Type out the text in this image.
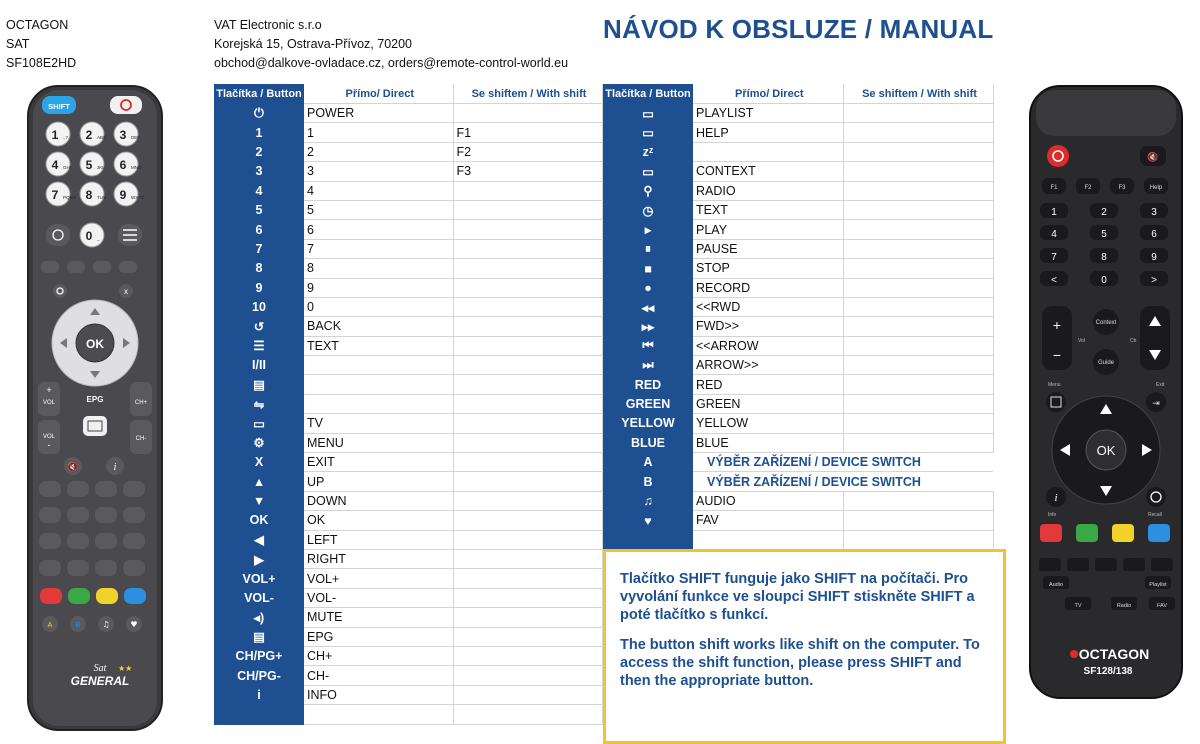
OCTAGON
SAT
SF108E2HD
VAT Electronic s.r.o
Korejská 15, Ostrava-Přívoz, 70200
obchod@dalkove-ovladace.cz, orders@remote-control-world.eu
NÁVOD K OBSLUZE / MANUAL
Tlačítka / Button	Přímo/ Direct	Se shiftem / With shift
⏻	POWER	
1	1	F1
2	2	F2
3	3	F3
4	4	
5	5	
6	6	
7	7	
8	8	
9	9	
10	0	
↺	BACK	
☰	TEXT	
I/II		
▤		
⇋		
▭	TV	
⚙	MENU	
X	EXIT	
▲	UP	
▼	DOWN	
OK	OK	
◀	LEFT	
▶	RIGHT	
VOL+	VOL+	
VOL-	VOL-	
◂)	MUTE	
▤	EPG	
CH/PG+	CH+	
CH/PG-	CH-	
i	INFO	

Tlačítka / Button	Přímo/ Direct	Se shiftem / With shift
▭	PLAYLIST	
▭	HELP	
zᶻ		
▭	CONTEXT	
⚲	RADIO	
◷	TEXT	
▸	PLAY	
⏸	PAUSE	
■	STOP	
●	RECORD	
◂◂	<<RWD	
▸▸	FWD>>	
⏮	<<ARROW	
⏭	ARROW>>	
RED	RED	
GREEN	GREEN	
YELLOW	YELLOW	
BLUE	BLUE	
A	VÝBĚR ZAŘÍZENÍ / DEVICE SWITCH	
B	VÝBĚR ZAŘÍZENÍ / DEVICE SWITCH	
♫	AUDIO	
♥	FAV	

Tlačítko SHIFT funguje jako SHIFT na počítači. Pro vyvolání funkce ve sloupci SHIFT stiskněte SHIFT a poté tlačítko s funkcí.

The button shift works like shift on the computer. To access the shift function, please press SHIFT and then the appropriate button.

SHIFT
1 .,? 2 ABC 3 DEF
4 GHI 5 JKL 6 MNO
7 PQRS 8 TUV 9 WXYZ
0 _
x
OK
+
VOL
VOL
-
CH+
CH-
EPG
🔇	i
A	B	♫	♥
Sat ★★
GENERAL
🔇
F1	F2	F3	Help
1	2	3
4	5	6
7	8	9
<	0	>
+
−
Vol	Ch
Context
Guide
Menu	Exit
⇥
OK
i
Info	Recall
Audio	Playlist
TV	Radio	FAV
OCTAGON
SF128/138
